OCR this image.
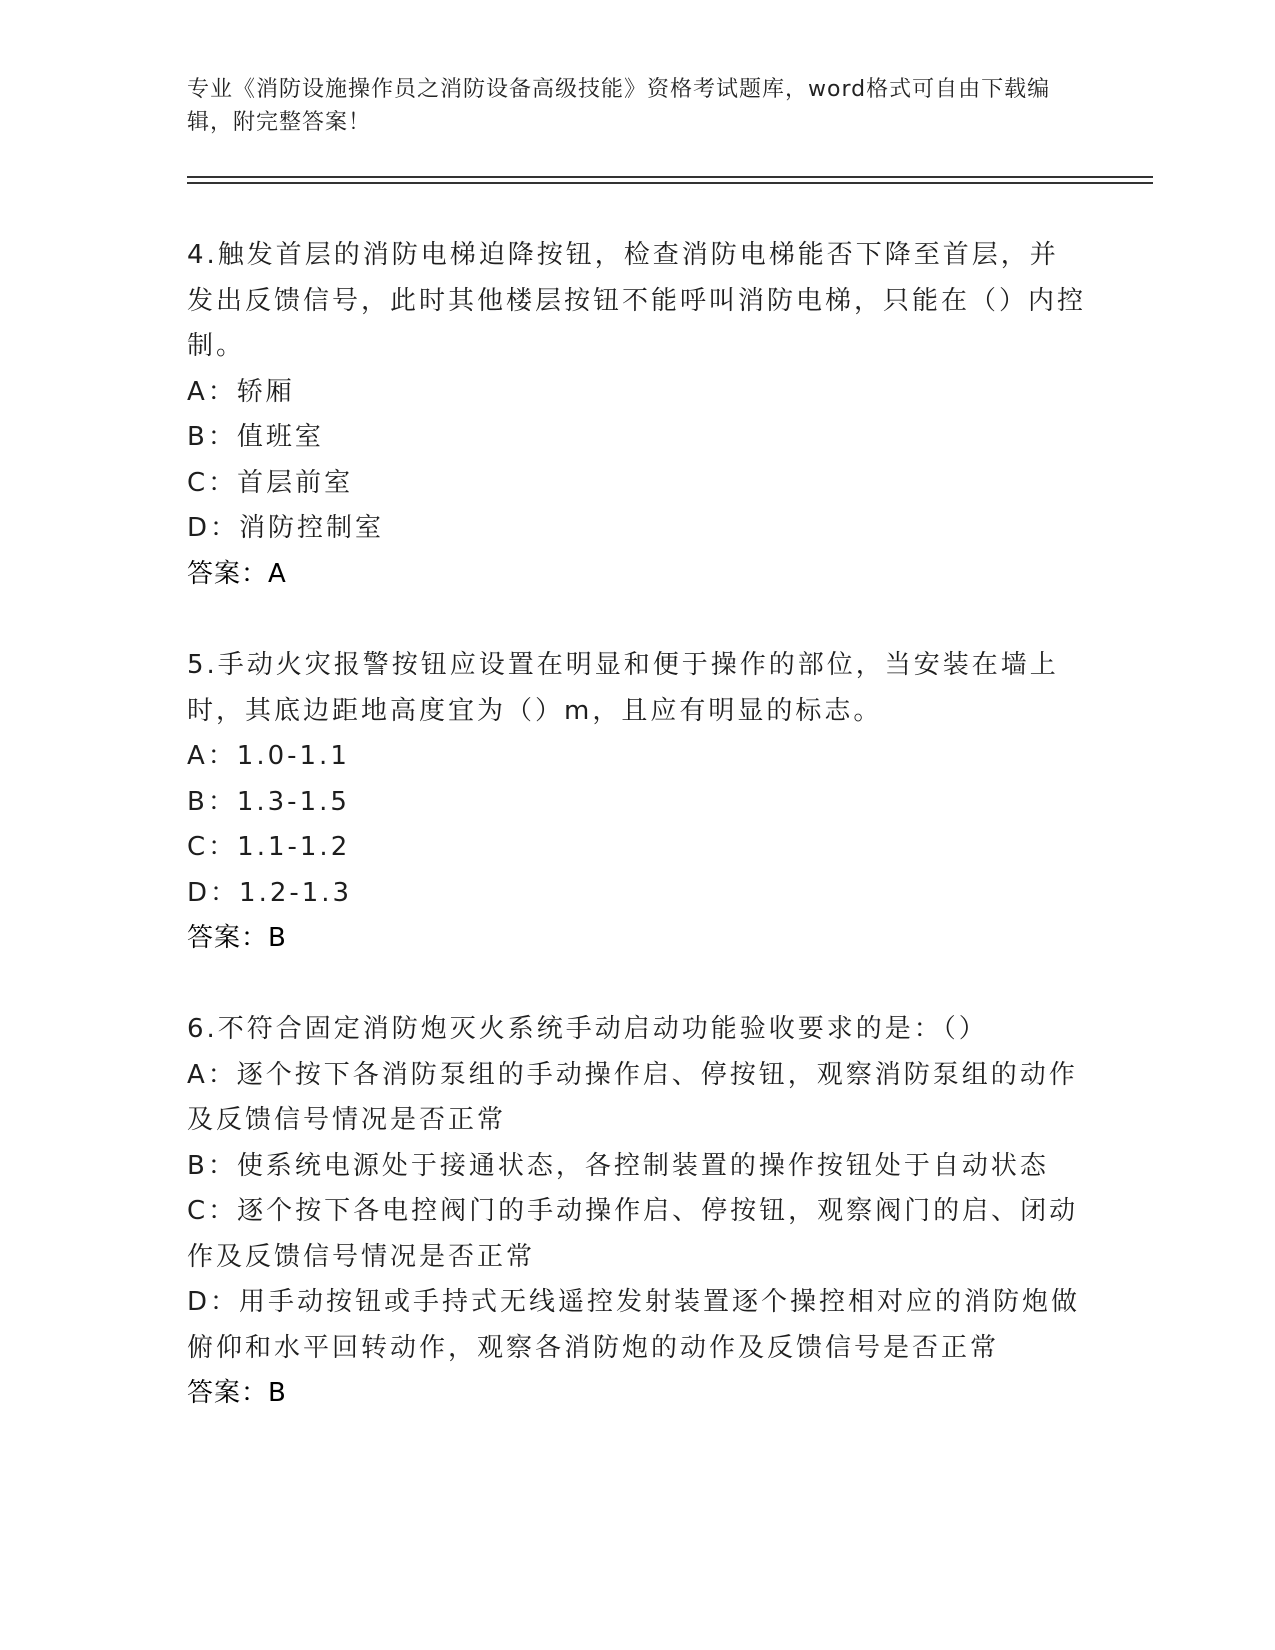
专业《消防设施操作员之消防设备高级技能》资格考试题库，word格式可自由下载编辑，附完整答案！
4.触发首层的消防电梯迫降按钮，检查消防电梯能否下降至首层，并发出反馈信号，此时其他楼层按钮不能呼叫消防电梯，只能在（）内控制。
A：轿厢
B：值班室
C：首层前室
D：消防控制室
答案：A
5.手动火灾报警按钮应设置在明显和便于操作的部位，当安装在墙上时，其底边距地高度宜为（）m，且应有明显的标志。
A：1.0-1.1
B：1.3-1.5
C：1.1-1.2
D：1.2-1.3
答案：B
6.不符合固定消防炮灭火系统手动启动功能验收要求的是：（）
A：逐个按下各消防泵组的手动操作启、停按钮，观察消防泵组的动作及反馈信号情况是否正常
B：使系统电源处于接通状态，各控制装置的操作按钮处于自动状态
C：逐个按下各电控阀门的手动操作启、停按钮，观察阀门的启、闭动作及反馈信号情况是否正常
D：用手动按钮或手持式无线遥控发射装置逐个操控相对应的消防炮做俯仰和水平回转动作，观察各消防炮的动作及反馈信号是否正常
答案：B
